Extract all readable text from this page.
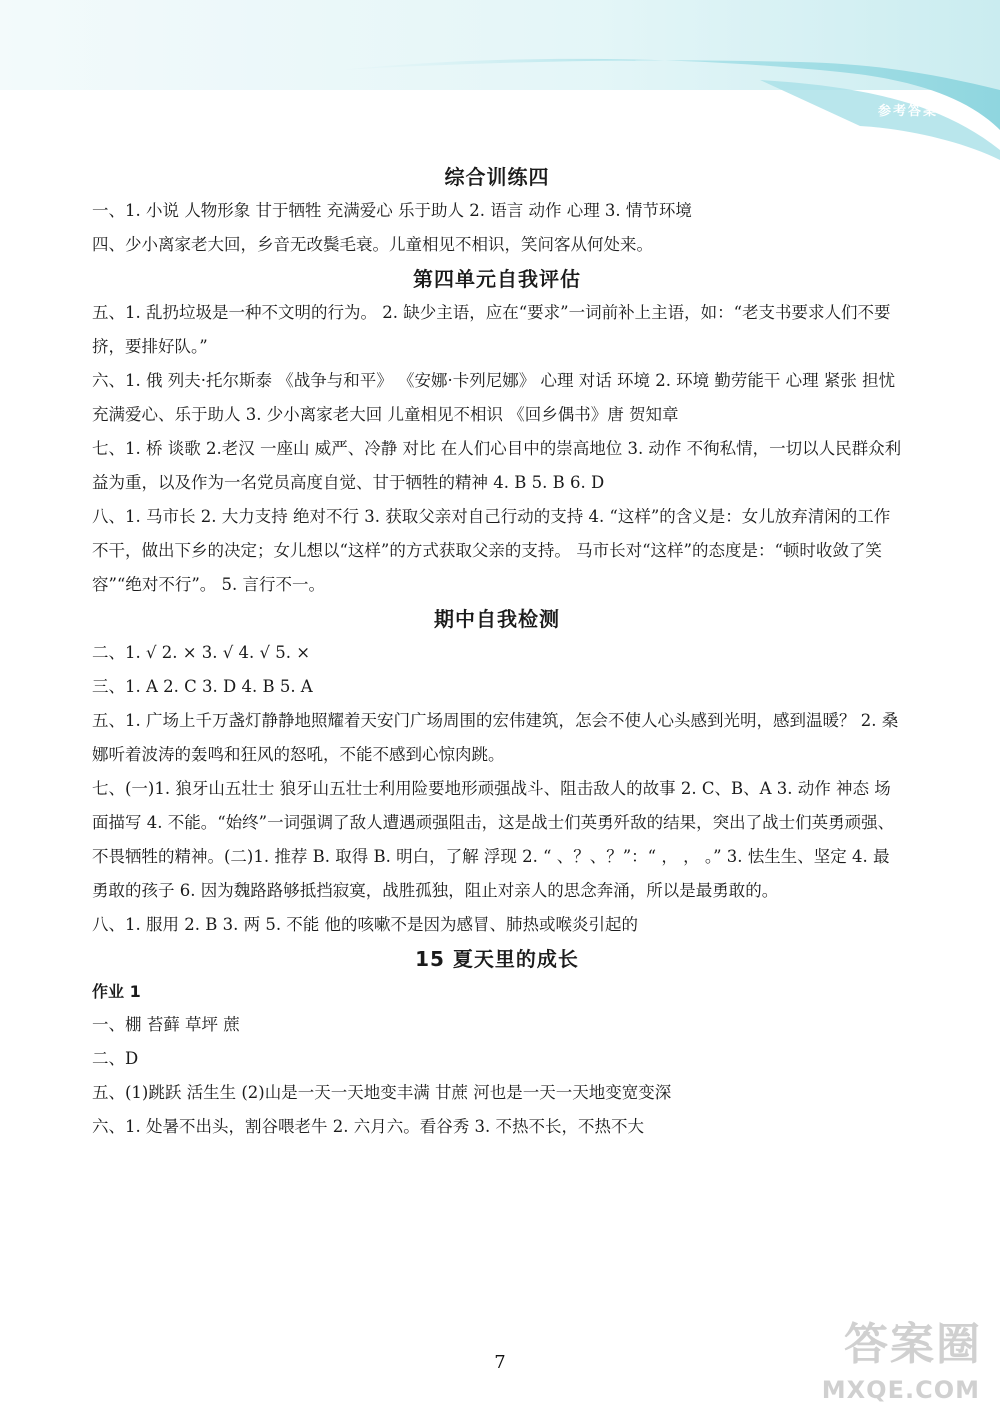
参考答案

综合训练四

一、1. 小说 人物形象 甘于牺牲 充满爱心 乐于助人 2. 语言 动作 心理 3. 情节环境

四、少小离家老大回，乡音无改鬓毛衰。儿童相见不相识，笑问客从何处来。

第四单元自我评估

五、1. 乱扔垃圾是一种不文明的行为。 2. 缺少主语，应在“要求”一词前补上主语，如：“老支书要求人们不要挤，要排好队。”

六、1. 俄 列夫·托尔斯泰 《战争与和平》 《安娜·卡列尼娜》 心理 对话 环境 2. 环境 勤劳能干 心理 紧张 担忧 充满爱心、乐于助人 3. 少小离家老大回 儿童相见不相识 《回乡偶书》唐 贺知章

七、1. 桥 谈歌 2.老汉 一座山 威严、冷静 对比 在人们心目中的崇高地位 3. 动作 不徇私情，一切以人民群众利益为重，以及作为一名党员高度自觉、甘于牺牲的精神 4. B 5. B 6. D

八、1. 马市长 2. 大力支持 绝对不行 3. 获取父亲对自己行动的支持 4. “这样”的含义是：女儿放弃清闲的工作不干，做出下乡的决定；女儿想以“这样”的方式获取父亲的支持。 马市长对“这样”的态度是：“顿时收敛了笑容”“绝对不行”。 5. 言行不一。

期中自我检测

二、1. √ 2. × 3. √ 4. √ 5. ×

三、1. A 2. C 3. D 4. B 5. A

五、1. 广场上千万盏灯静静地照耀着天安门广场周围的宏伟建筑，怎会不使人心头感到光明，感到温暖？ 2. 桑娜听着波涛的轰鸣和狂风的怒吼，不能不感到心惊肉跳。

七、(一)1. 狼牙山五壮士 狼牙山五壮士利用险要地形顽强战斗、阻击敌人的故事 2. C、B、A 3. 动作 神态 场面描写 4. 不能。“始终”一词强调了敌人遭遇顽强阻击，这是战士们英勇歼敌的结果，突出了战士们英勇顽强、不畏牺牲的精神。(二)1. 推荐 B. 取得 B. 明白，了解 浮现 2. “ 、？、？”：“ ， ， 。” 3. 怯生生、坚定 4. 最勇敢的孩子 6. 因为魏路路够抵挡寂寞，战胜孤独，阻止对亲人的思念奔涌，所以是最勇敢的。

八、1. 服用 2. B 3. 两 5. 不能 他的咳嗽不是因为感冒、肺热或喉炎引起的

15 夏天里的成长

作业 1

一、棚 苔藓 草坪 蔗

二、D

五、(1)跳跃 活生生 (2)山是一天一天地变丰满 甘蔗 河也是一天一天地变宽变深

六、1. 处暑不出头，割谷喂老牛 2. 六月六。看谷秀 3. 不热不长，不热不大

7	答案圈
MXQE.COM
